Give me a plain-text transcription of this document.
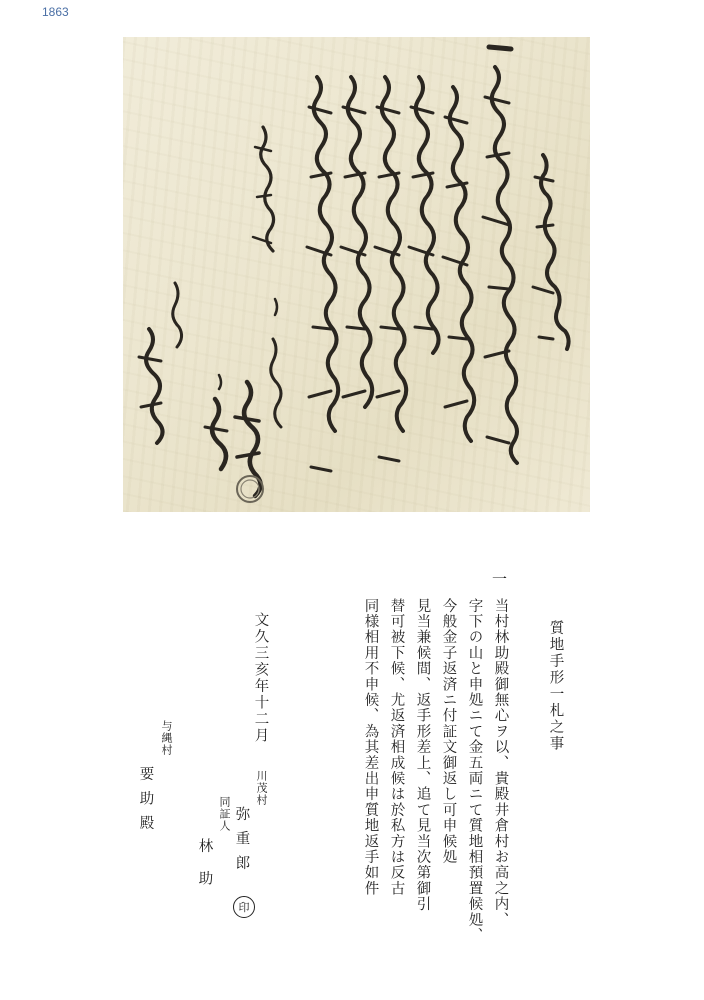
1863
質地手形一札之事
一
当村林助殿御無心ヲ以、貴殿井倉村お高之内、
字下の山と申処ニて金五両ニて質地相預置候処、
今般金子返済ニ付証文御返し可申候処
見当兼候間、返手形差上、追て見当次第御引
替可被下候、尤返済相成候は於私方は反古
同様相用不申候、為其差出申質地返手如件
文久三亥年十二月
川茂村
弥重郎
印
同証人
林助
与縄村
要助殿
